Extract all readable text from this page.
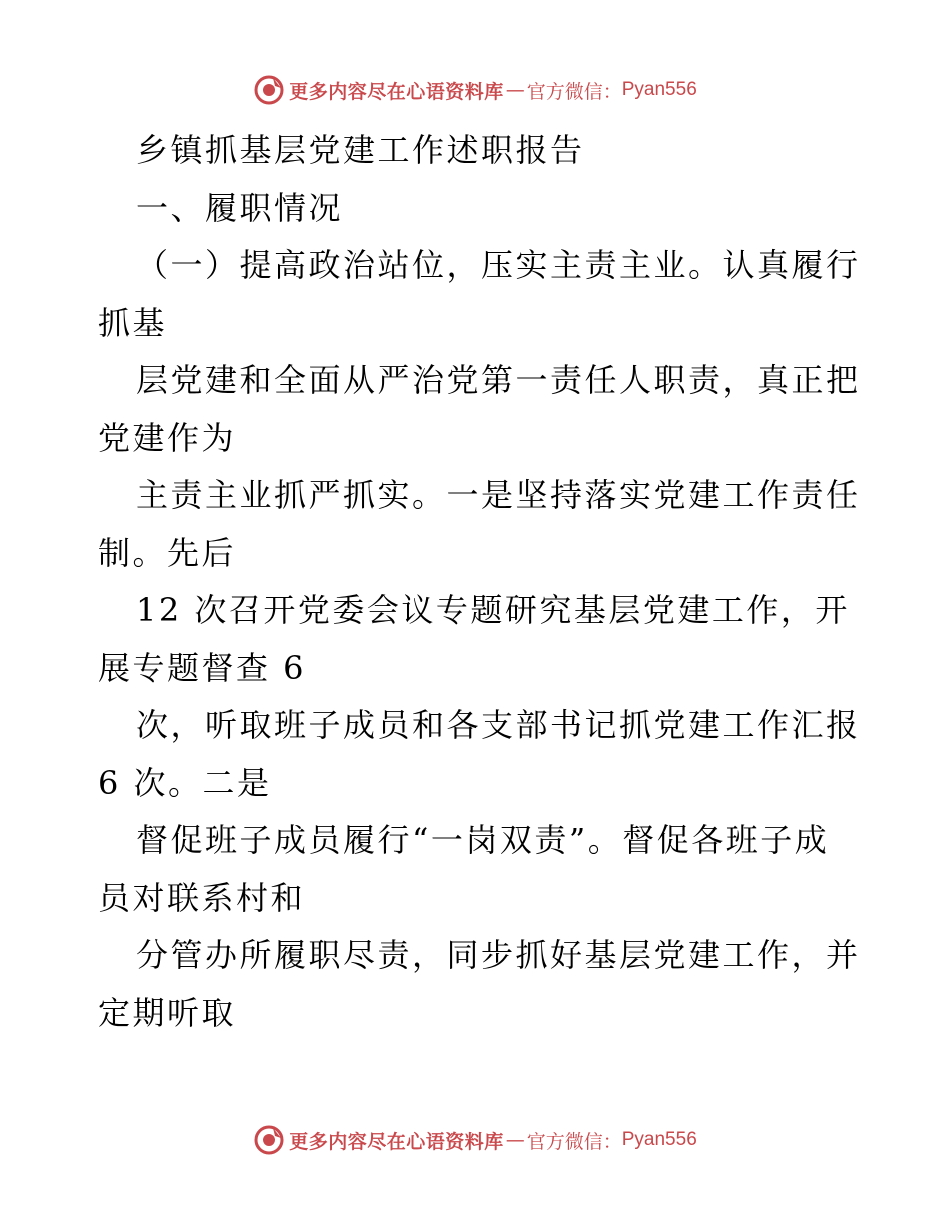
更多内容尽在心语资料库 — 官方微信： Pyan556
乡镇抓基层党建工作述职报告
一、履职情况
（一）提高政治站位，压实主责主业。认真履行
抓基
层党建和全面从严治党第一责任人职责，真正把
党建作为
主责主业抓严抓实。一是坚持落实党建工作责任
制。先后
12 次召开党委会议专题研究基层党建工作，开
展专题督查 6
次，听取班子成员和各支部书记抓党建工作汇报
6 次。二是
督促班子成员履行“一岗双责”。督促各班子成
员对联系村和
分管办所履职尽责，同步抓好基层党建工作，并
定期听取
更多内容尽在心语资料库 — 官方微信： Pyan556
